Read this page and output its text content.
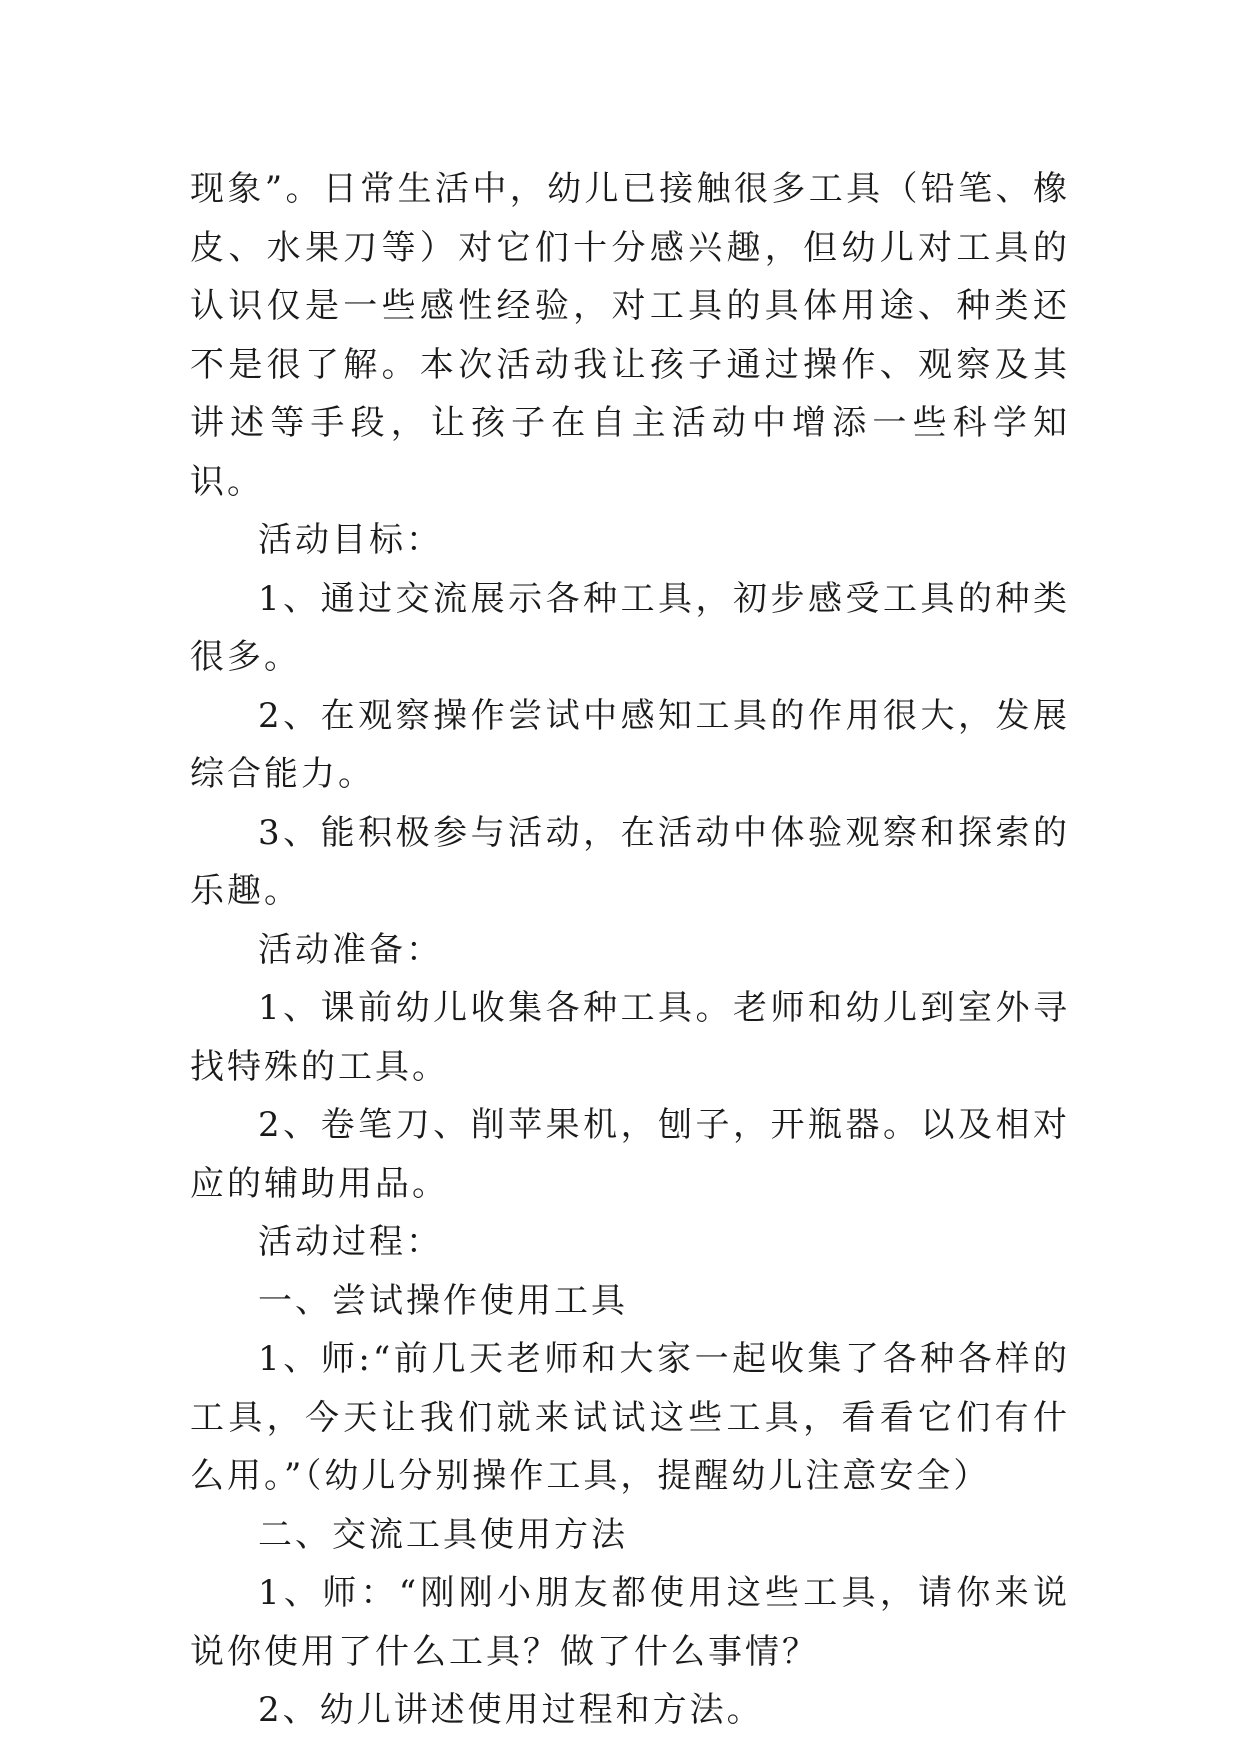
现象”。日常生活中，幼儿已接触很多工具（铅笔、橡皮、水果刀等）对它们十分感兴趣，但幼儿对工具的认识仅是一些感性经验，对工具的具体用途、种类还不是很了解。本次活动我让孩子通过操作、观察及其讲述等手段，让孩子在自主活动中增添一些科学知识。

活动目标：

1、通过交流展示各种工具，初步感受工具的种类很多。

2、在观察操作尝试中感知工具的作用很大，发展综合能力。

3、能积极参与活动，在活动中体验观察和探索的乐趣。

活动准备：

1、课前幼儿收集各种工具。老师和幼儿到室外寻找特殊的工具。

2、卷笔刀、削苹果机，刨子，开瓶器。以及相对应的辅助用品。

活动过程：

一、尝试操作使用工具

1、师:“前几天老师和大家一起收集了各种各样的工具，今天让我们就来试试这些工具，看看它们有什么用。”（幼儿分别操作工具，提醒幼儿注意安全）

二、交流工具使用方法

1、师：“刚刚小朋友都使用这些工具，请你来说说你使用了什么工具？做了什么事情？

2、幼儿讲述使用过程和方法。
